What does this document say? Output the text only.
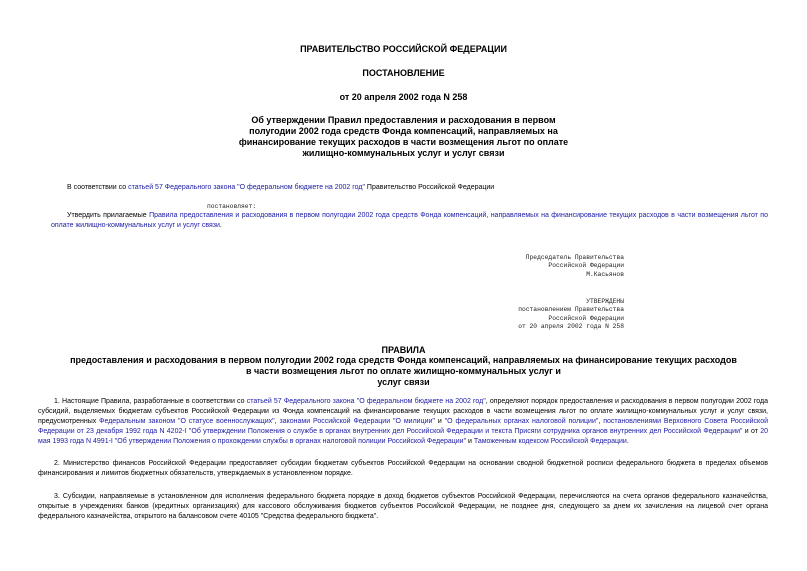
ПРАВИТЕЛЬСТВО РОССИЙСКОЙ ФЕДЕРАЦИИ
ПОСТАНОВЛЕНИЕ
от 20 апреля 2002 года N 258
Об утверждении Правил предоставления и расходования в первом
полугодии 2002 года средств Фонда компенсаций, направляемых на
финансирование текущих расходов в части возмещения льгот по оплате
жилищно-коммунальных услуг и услуг связи
В соответствии со статьей 57 Федерального закона "О федеральном бюджете на 2002 год" Правительство Российской Федерации
постановляет:
Утвердить прилагаемые Правила предоставления и расходования в первом полугодии 2002 года средств Фонда компенсаций, направляемых на финансирование текущих расходов в части возмещения льгот по оплате жилищно-коммунальных услуг и услуг связи.
Председатель Правительства
Российской Федерации
М.Касьянов
УТВЕРЖДЕНЫ
постановлением Правительства
Российской Федерации
от 20 апреля 2002 года N 258
ПРАВИЛА
предоставления и расходования в первом полугодии 2002 года средств Фонда компенсаций, направляемых на финансирование текущих расходов
в части возмещения льгот по оплате жилищно-коммунальных услуг и
услуг связи
1. Настоящие Правила, разработанные в соответствии со статьей 57 Федерального закона "О федеральном бюджете на 2002 год", определяют порядок предоставления и расходования в первом полугодии 2002 года субсидий, выделяемых бюджетам субъектов Российской Федерации из Фонда компенсаций на финансирование текущих расходов в части возмещения льгот по оплате жилищно-коммунальных услуг и услуг связи, предусмотренных Федеральным законом "О статусе военнослужащих", законами Российской Федерации "О милиции" и "О федеральных органах налоговой полиции", постановлениями Верховного Совета Российской Федерации от 23 декабря 1992 года N 4202-I "Об утверждении Положения о службе в органах внутренних дел Российской Федерации и текста Присяги сотрудника органов внутренних дел Российской Федерации" и от 20 мая 1993 года N 4991-I "Об утверждении Положения о прохождении службы в органах налоговой полиции Российской Федерации" и Таможенным кодексом Российской Федерации.
2. Министерство финансов Российской Федерации предоставляет субсидии бюджетам субъектов Российской Федерации на основании сводной бюджетной росписи федерального бюджета в пределах объемов финансирования и лимитов бюджетных обязательств, утверждаемых в установленном порядке.
3. Субсидии, направляемые в установленном для исполнения федерального бюджета порядке в доход бюджетов субъектов Российской Федерации, перечисляются на счета органов федерального казначейства, открытые в учреждениях банков (кредитных организациях) для кассового обслуживания бюджетов субъектов Российской Федерации, не позднее дня, следующего за днем их зачисления на лицевой счет органа федерального казначейства, открытого на балансовом счете 40105 "Средства федерального бюджета".
